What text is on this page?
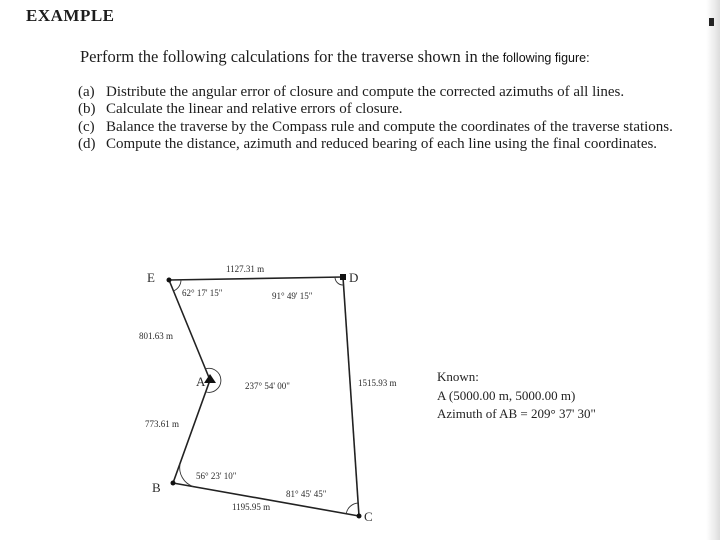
EXAMPLE
Perform the following calculations for the traverse shown in the following figure:
(a) Distribute the angular error of closure and compute the corrected azimuths of all lines.
(b) Calculate the linear and relative errors of closure.
(c) Balance the traverse by the Compass rule and compute the coordinates of the traverse stations.
(d) Compute the distance, azimuth and reduced bearing of each line using the final coordinates.
E	D
A
B
C
1127.31 m
801.63 m
773.61 m
1195.95 m
1515.93 m
62° 17' 15"	91° 49' 15"
237° 54' 00"
56° 23' 10"
81° 45' 45"
Known:
A (5000.00 m, 5000.00 m)
Azimuth of AB = 209° 37' 30"
